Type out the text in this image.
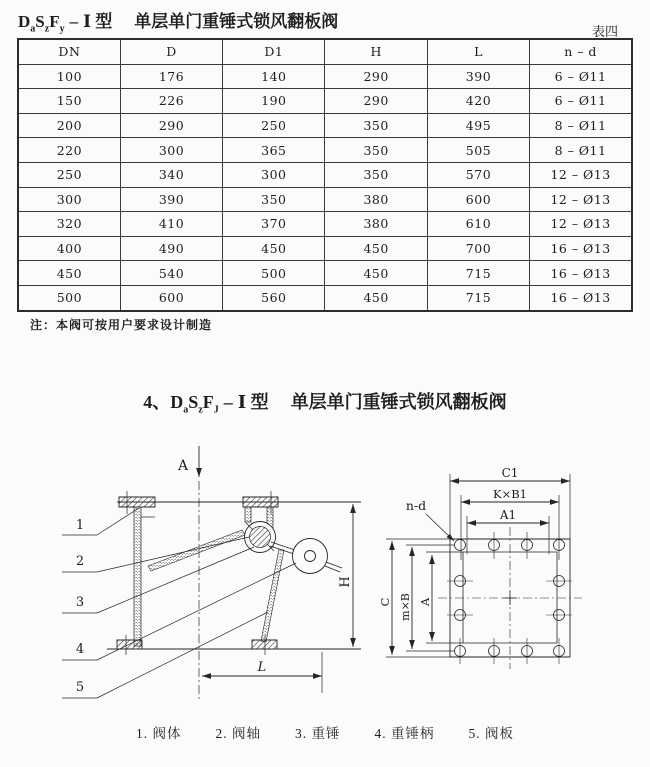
$D_aS_zF_y$ – Ⅰ 型 单层单门重锤式锁风翻板阀
表四
DN	D	D1	H	L	n – d
100	176	140	290	390	6 – Ø11
150	226	190	290	420	6 – Ø11
200	290	250	350	495	8 – Ø11
220	300	365	350	505	8 – Ø11
250	340	300	350	570	12 – Ø13
300	390	350	380	600	12 – Ø13
320	410	370	380	610	12 – Ø13
400	490	450	450	700	16 – Ø13
450	540	500	450	715	16 – Ø13
500	600	560	450	715	16 – Ø13
注：本阀可按用户要求设计制造
4、$D_aS_zF_J$ – Ⅰ 型 单层单门重锤式锁风翻板阀
A
H
L
1
2
3
4
5
C1
K×B1
A1
n-d
C m×B A
1. 阀体	2. 阀轴	3. 重锤	4. 重锤柄	5. 阀板
